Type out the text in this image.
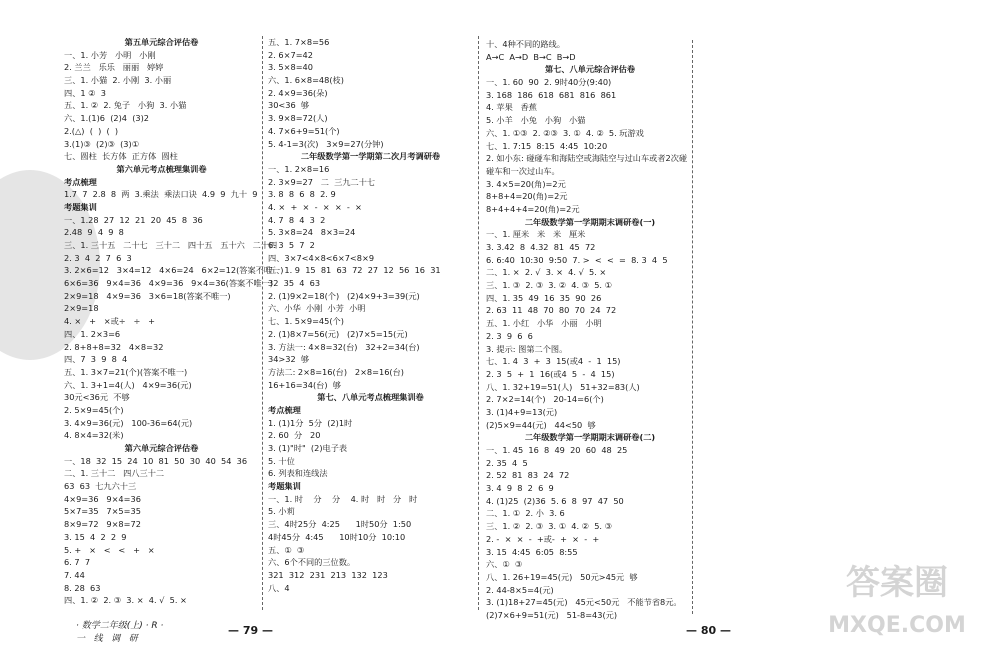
第五单元综合评估卷
一、1. 小芳   小明   小刚
2. 兰兰   乐乐   丽丽   婷婷
三、1. 小猫  2. 小刚  3. 小丽
四、1 ②  3
五、1. ②  2. 兔子   小狗  3. 小猫
六、1.(1)6  (2)4  (3)2
2.(△)  (  )  (  )
3.(1)③  (2)③  (3)①
七、圆柱  长方体  正方体  圆柱
第六单元考点梳理集训卷
考点梳理
1.7  7  2.8  8  两  3.乘法  乘法口诀  4.9  9  九十  9
考题集训
一、1.28  27  12  21  20  45  8  36
2.48  9  4  9  8
三、1. 三十五   二十七   三十二   四十五   五十六   二十四
2. 3  4  2  7  6  3
3. 2×6=12   3×4=12   4×6=24   6×2=12(答案不唯一)
6×6=36   9×4=36   4×9=36   9×4=36(答案不唯一)
2×9=18   4×9=36   3×6=18(答案不唯一)
2×9=18
4. ×   +   ×或÷   ÷   +
四、1. 2×3=6
2. 8+8+8=32   4×8=32
四、7  3  9  8  4
五、1. 3×7=21(个)(答案不唯一)
六、1. 3+1=4(人)   4×9=36(元)
30元<36元  不够
2. 5×9=45(个)
3. 4×9=36(元)   100-36=64(元)
4. 8×4=32(米)
第六单元综合评估卷
一、18  32  15  24  10  81  50  30  40  54  36
二、1. 三十二   四八三十二
63  63  七九六十三
4×9=36   9×4=36
5×7=35   7×5=35
8×9=72   9×8=72
3. 15  4  2  2  9
5. +   ×   <   <   +   ×
6. 7  7
7. 44
8. 28  63
四、1. ②  2. ③  3. ×  4. √  5. ×
五、1. 7×8=56
2. 6×7=42
3. 5×8=40
六、1. 6×8=48(枝)
2. 4×9=36(朵)
30<36  够
3. 9×8=72(人)
4. 7×6+9=51(个)
5. 4-1=3(次)   3×9=27(分钟)
二年级数学第一学期第二次月考调研卷
一、1. 2×8=16
2. 3×9=27   二  三九二十七
3. 8  8  6  8  2. 9
4. ×  +  ×  -  ×  ×  -  ×
4. 7  8  4  3  2
5. 3×8=24   8×3=24
6. 3  5  7  2
四、3×7<4×8<6×7<8×9
五、1. 9  15  81  63  72  27  12  56  16  31
32  35  4  63
2. (1)9×2=18(个)   (2)4×9+3=39(元)
六、小华  小刚  小芳  小明
七、1. 5×9=45(个)
2. (1)8×7=56(元)   (2)7×5=15(元)
3. 方法一: 4×8=32(台)   32+2=34(台)
34>32  够
方法二: 2×8=16(台)   2×8=16(台)
16+16=34(台)  够
第七、八单元考点梳理集训卷
考点梳理
1. (1)1分  5分  (2)1时
2. 60  分   20
3. (1)"时"  (2)电子表
5. 十位
6. 列表和连线法
考题集训
一、1. 时    分    分    4. 时   时   分   时
5. 小莉
三、4时25分  4:25      1时50分  1:50
4时45分  4:45      10时10分  10:10
五、①  ③
六、6个不同的三位数。
321  312  231  213  132  123
八、4
十、4种不同的路线。
A→C  A→D  B→C  B→D
第七、八单元综合评估卷
一、1. 60  90  2. 9时40分(9:40)
3. 168  186  618  681  816  861
4. 苹果   香蕉
5. 小羊   小兔   小狗   小猫
六、1. ①③  2. ②③  3. ①  4. ②  5. 玩游戏
七、1. 7:15  8:15  4:45  10:20
2. 如小东: 碰碰车和海陆空或海陆空与过山车或者2次碰
碰车和一次过山车。
3. 4×5=20(角)=2元
8+8+4=20(角)=2元
8+4+4+4=20(角)=2元
二年级数学第一学期期末调研卷(一)
一、1. 厘米   米   米   厘米
3. 3.42  8  4.32  81  45  72
6. 6:40  10:30  9:50  7. >  <  <  =  8. 3  4  5
二、1. ×  2. √  3. ×  4. √  5. ×
三、1. ③  2. ③  3. ②  4. ③  5. ①
四、1. 35  49  16  35  90  26
2. 63  11  48  70  80  70  24  72
五、1. 小红   小华   小丽   小明
2. 3  9  6  6
3. 提示: 图第二个图。
七、1. 4  3  +  3  15(或4  -  1  15)
2. 3  5  +  1  16(或4  5  -  4  15)
八、1. 32+19=51(人)   51+32=83(人)
2. 7×2=14(个)   20-14=6(个)
3. (1)4+9=13(元)
(2)5×9=44(元)   44<50  够
二年级数学第一学期期末调研卷(二)
一、1. 45  16  8  49  20  60  48  25
2. 35  4  5
2. 52  81  83  24  72
3. 4  9  8  2  6  9
4. (1)25  (2)36  5. 6  8  97  47  50
二、1. ①  2. 小  3. 6
三、1. ②  2. ③  3. ①  4. ②  5. ③
2. -  ×  ×  -  +或-  +  ×  -  +
3. 15  4:45  6:05  8:55
六、①  ③
八、1. 26+19=45(元)   50元>45元  够
2. 44-8×5=4(元)
3. (1)18+27=45(元)   45元<50元   不能节省8元。
(2)7×6+9=51(元)   51-8=43(元)
· 数学二年级(上) · R ·
一   线   调   研
— 79 —	— 80 —
答案圈
MXQE.COM
